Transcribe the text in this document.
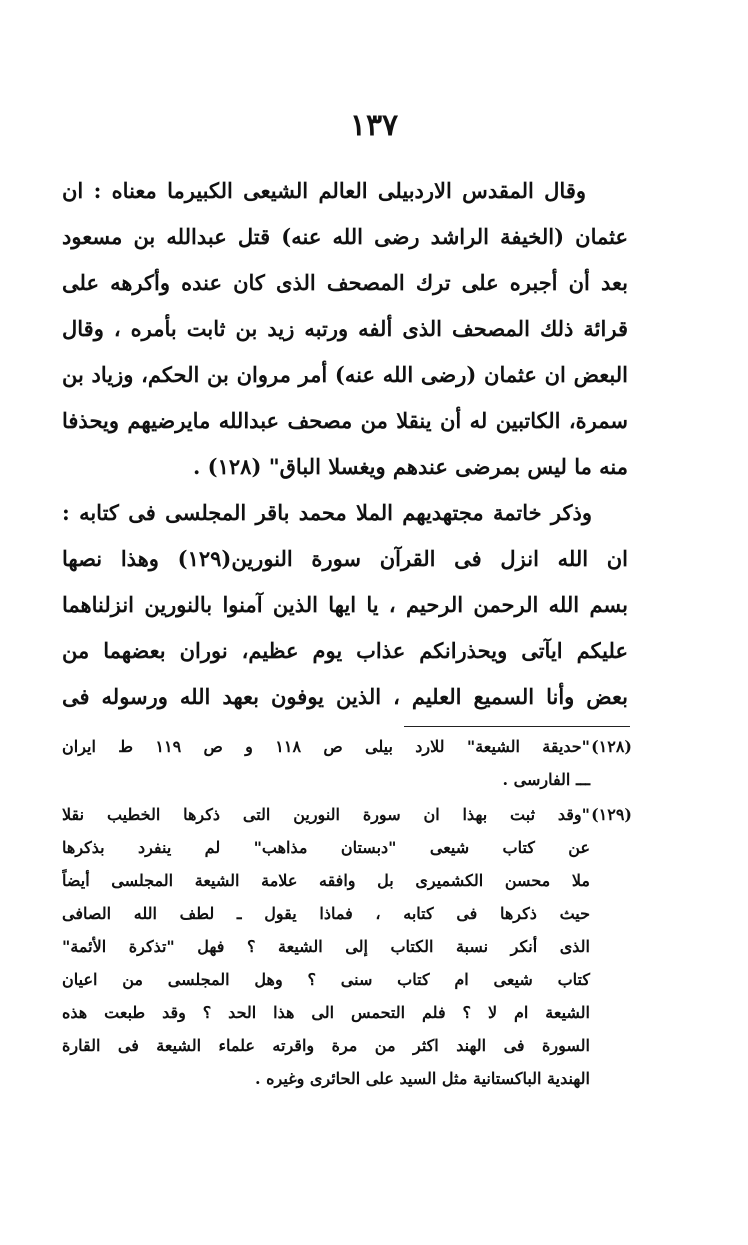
١٣٧
وقال المقدس الاردبيلى العالم الشيعى الكبيرما معناه : ان
عثمان (الخيفة الراشد رضى الله عنه) قتل عبدالله بن مسعود
بعد أن أجبره على ترك المصحف الذى كان عنده وأكرهه على
قرائة ذلك المصحف الذى ألفه ورتبه زيد بن ثابت بأمره ، وقال
البعض ان عثمان (رضى الله عنه) أمر مروان بن الحكم، وزياد بن
سمرة، الكاتبين له أن ينقلا من مصحف عبدالله مايرضيهم ويحذفا
منه ما ليس بمرضى عندهم ويغسلا الباق" (١٢٨) .
وذكر خاتمة مجتهديهم الملا محمد باقر المجلسى فى كتابه :
ان الله انزل فى القرآن سورة النورين(١٢٩) وهذا نصها
بسم الله الرحمن الرحيم ، يا ايها الذين آمنوا بالنورين انزلناهما
عليكم ايآتى ويحذرانكم عذاب يوم عظيم، نوران بعضهما من
بعض وأنا السميع العليم ، الذين يوفون بعهد الله ورسوله فى
(١٢٨)
"حديقة الشيعة" للارد بيلى ص ١١٨ و ص ١١٩ ط ايران
ـــ الفارسى .
(١٢٩)
"وقد ثبت بهذا ان سورة النورين التى ذكرها الخطيب نقلا
عن كتاب شيعى "دبستان مذاهب" لم ينفرد بذكرها
ملا محسن الكشميرى بل وافقه علامة الشيعة المجلسى أيضاً
حيث ذكرها فى كتابه ، فماذا يقول ـ لطف الله الصافى
الذى أنكر نسبة الكتاب إلى الشيعة ؟ فهل "تذكرة الأئمة"
كتاب شيعى ام كتاب سنى ؟ وهل المجلسى من اعيان
الشيعة ام لا ؟ فلم التحمس الى هذا الحد ؟ وقد طبعت هذه
السورة فى الهند اكثر من مرة واقرته علماء الشيعة فى القارة
الهندية الباكستانية مثل السيد على الحائرى وغيره .
